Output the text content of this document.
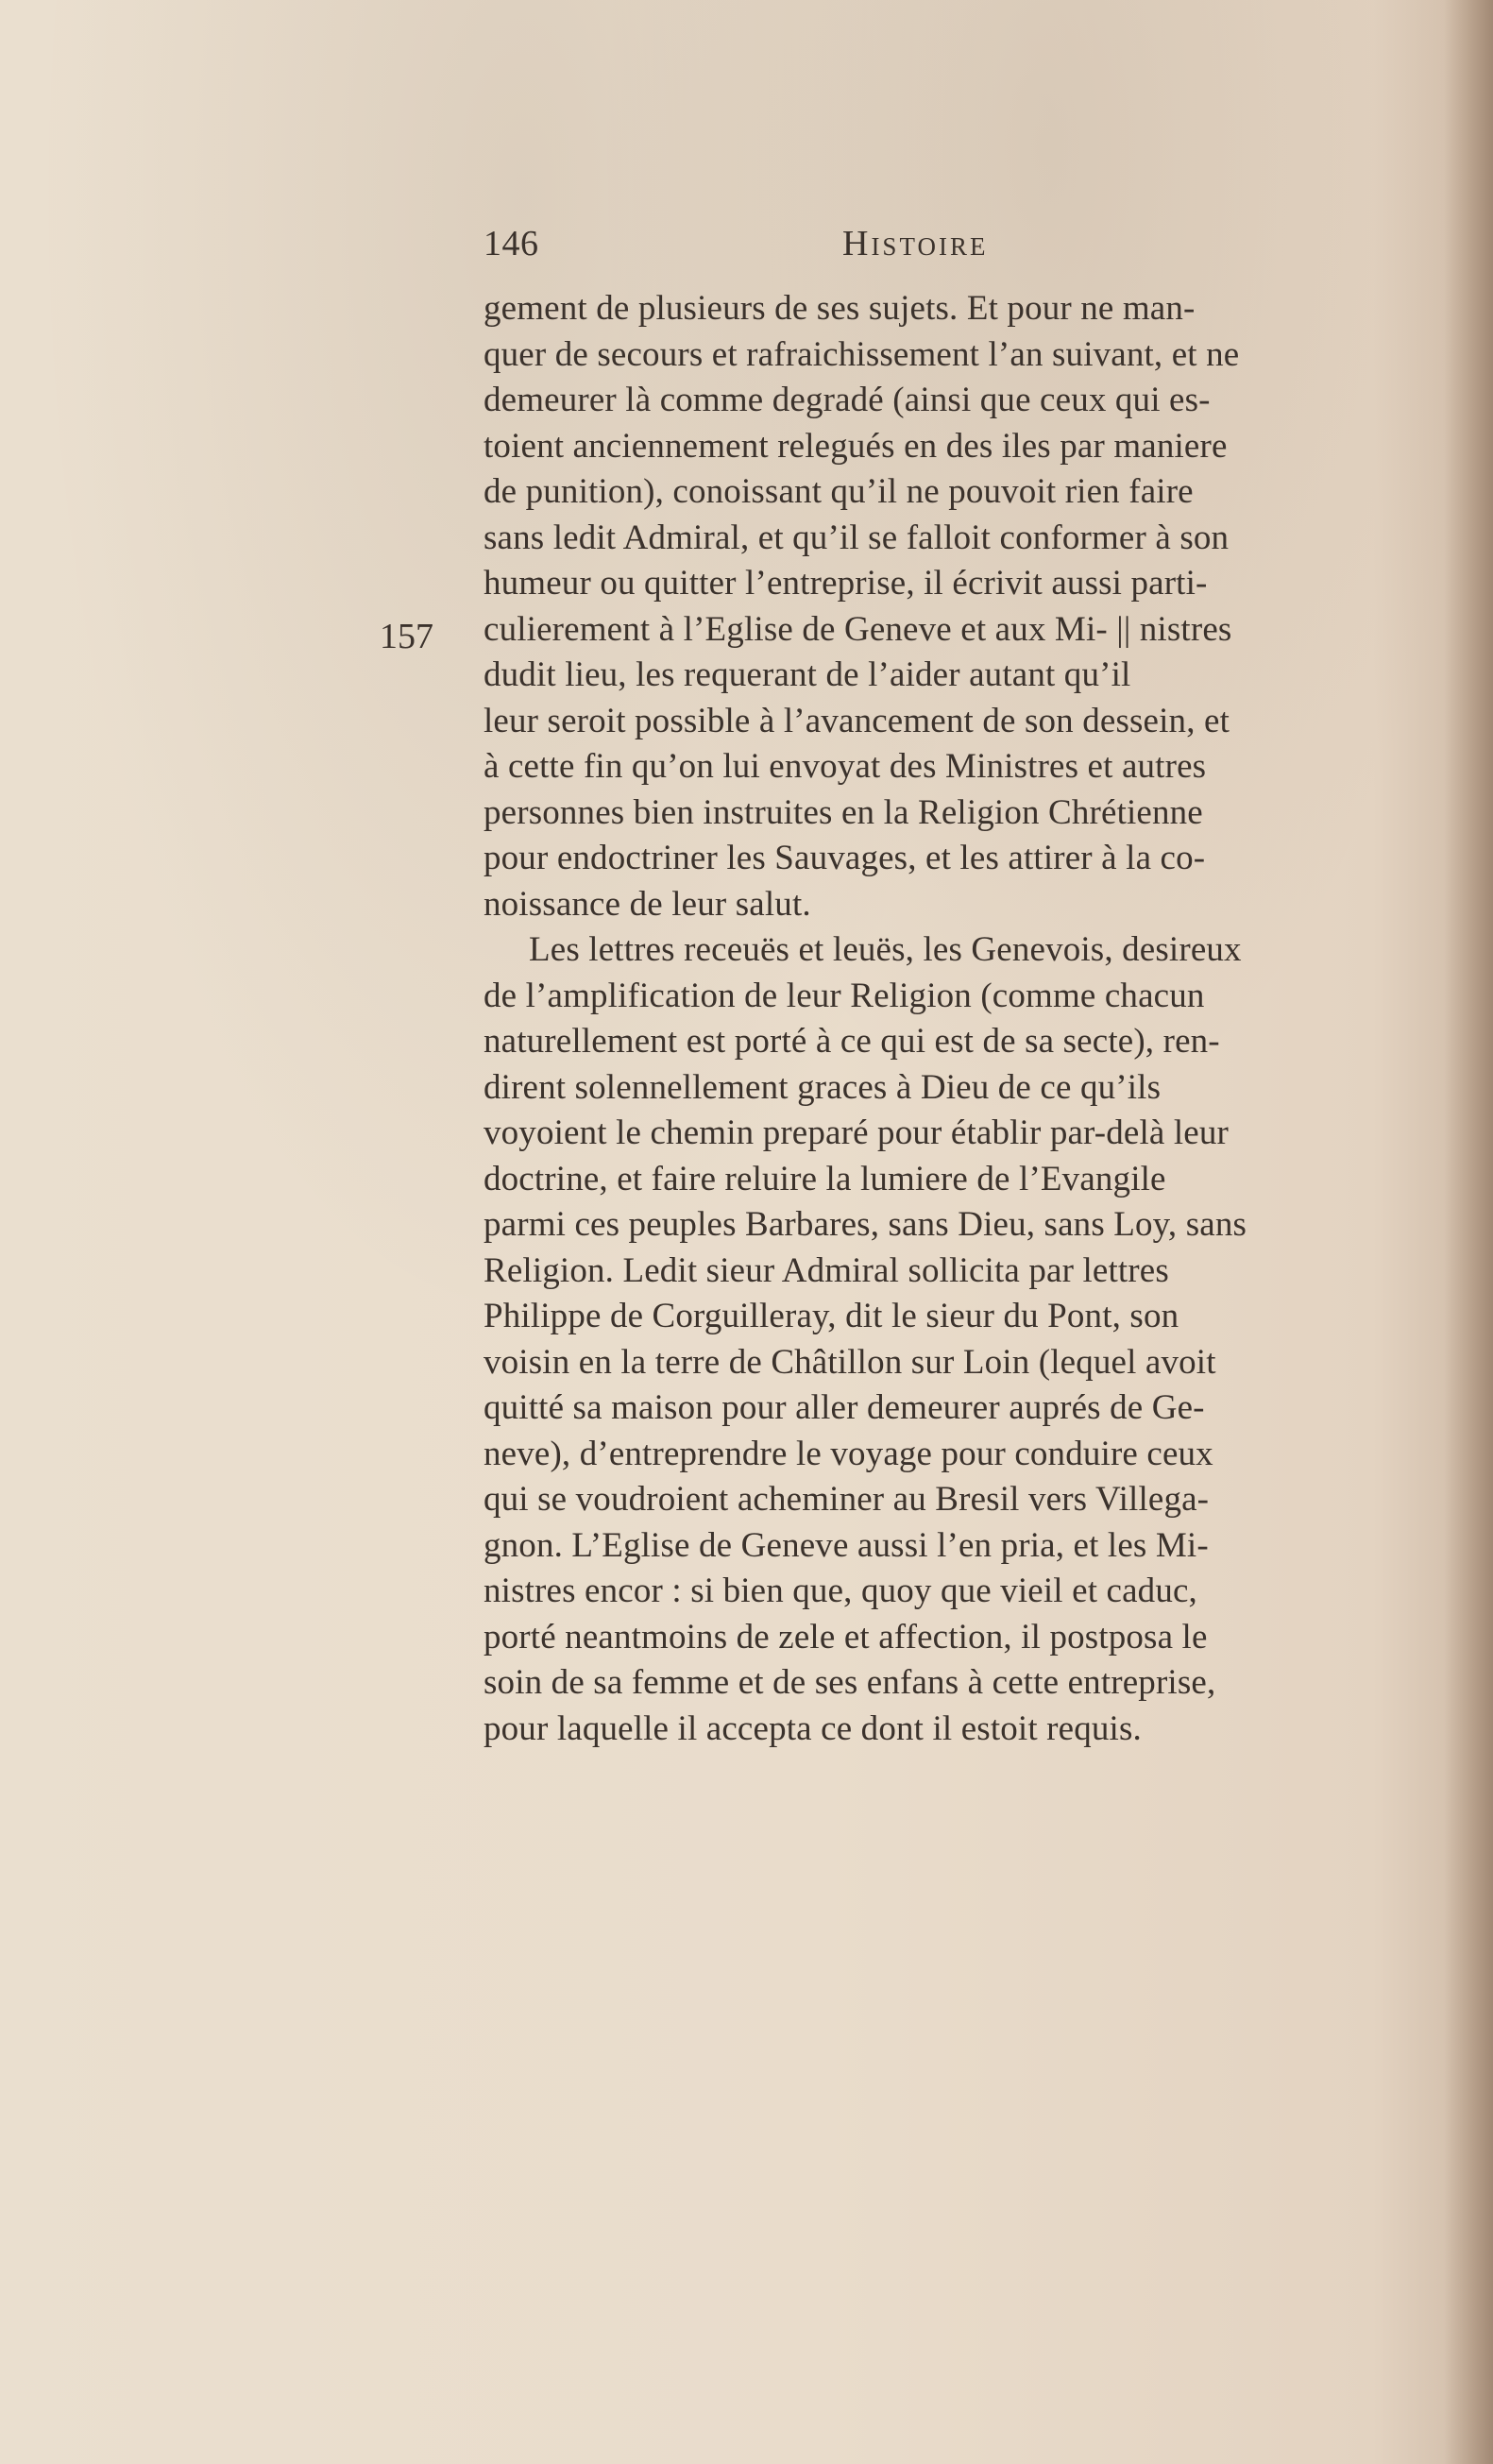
146	Histoire
157
gement de plusieurs de ses sujets. Et pour ne man-
quer de secours et rafraichissement l’an suivant, et ne
demeurer là comme degradé (ainsi que ceux qui es-
toient anciennement relegués en des iles par maniere
de punition), conoissant qu’il ne pouvoit rien faire
sans ledit Admiral, et qu’il se falloit conformer à son
humeur ou quitter l’entreprise, il écrivit aussi parti-
culierement à l’Eglise de Geneve et aux Mi- || nistres
dudit lieu, les requerant de l’aider autant qu’il
leur seroit possible à l’avancement de son dessein, et
à cette fin qu’on lui envoyat des Ministres et autres
personnes bien instruites en la Religion Chrétienne
pour endoctriner les Sauvages, et les attirer à la co-
noissance de leur salut.
Les lettres receuës et leuës, les Genevois, desireux
de l’amplification de leur Religion (comme chacun
naturellement est porté à ce qui est de sa secte), ren-
dirent solennellement graces à Dieu de ce qu’ils
voyoient le chemin preparé pour établir par-delà leur
doctrine, et faire reluire la lumiere de l’Evangile
parmi ces peuples Barbares, sans Dieu, sans Loy, sans
Religion. Ledit sieur Admiral sollicita par lettres
Philippe de Corguilleray, dit le sieur du Pont, son
voisin en la terre de Châtillon sur Loin (lequel avoit
quitté sa maison pour aller demeurer auprés de Ge-
neve), d’entreprendre le voyage pour conduire ceux
qui se voudroient acheminer au Bresil vers Villega-
gnon. L’Eglise de Geneve aussi l’en pria, et les Mi-
nistres encor : si bien que, quoy que vieil et caduc,
porté neantmoins de zele et affection, il postposa le
soin de sa femme et de ses enfans à cette entreprise,
pour laquelle il accepta ce dont il estoit requis.
